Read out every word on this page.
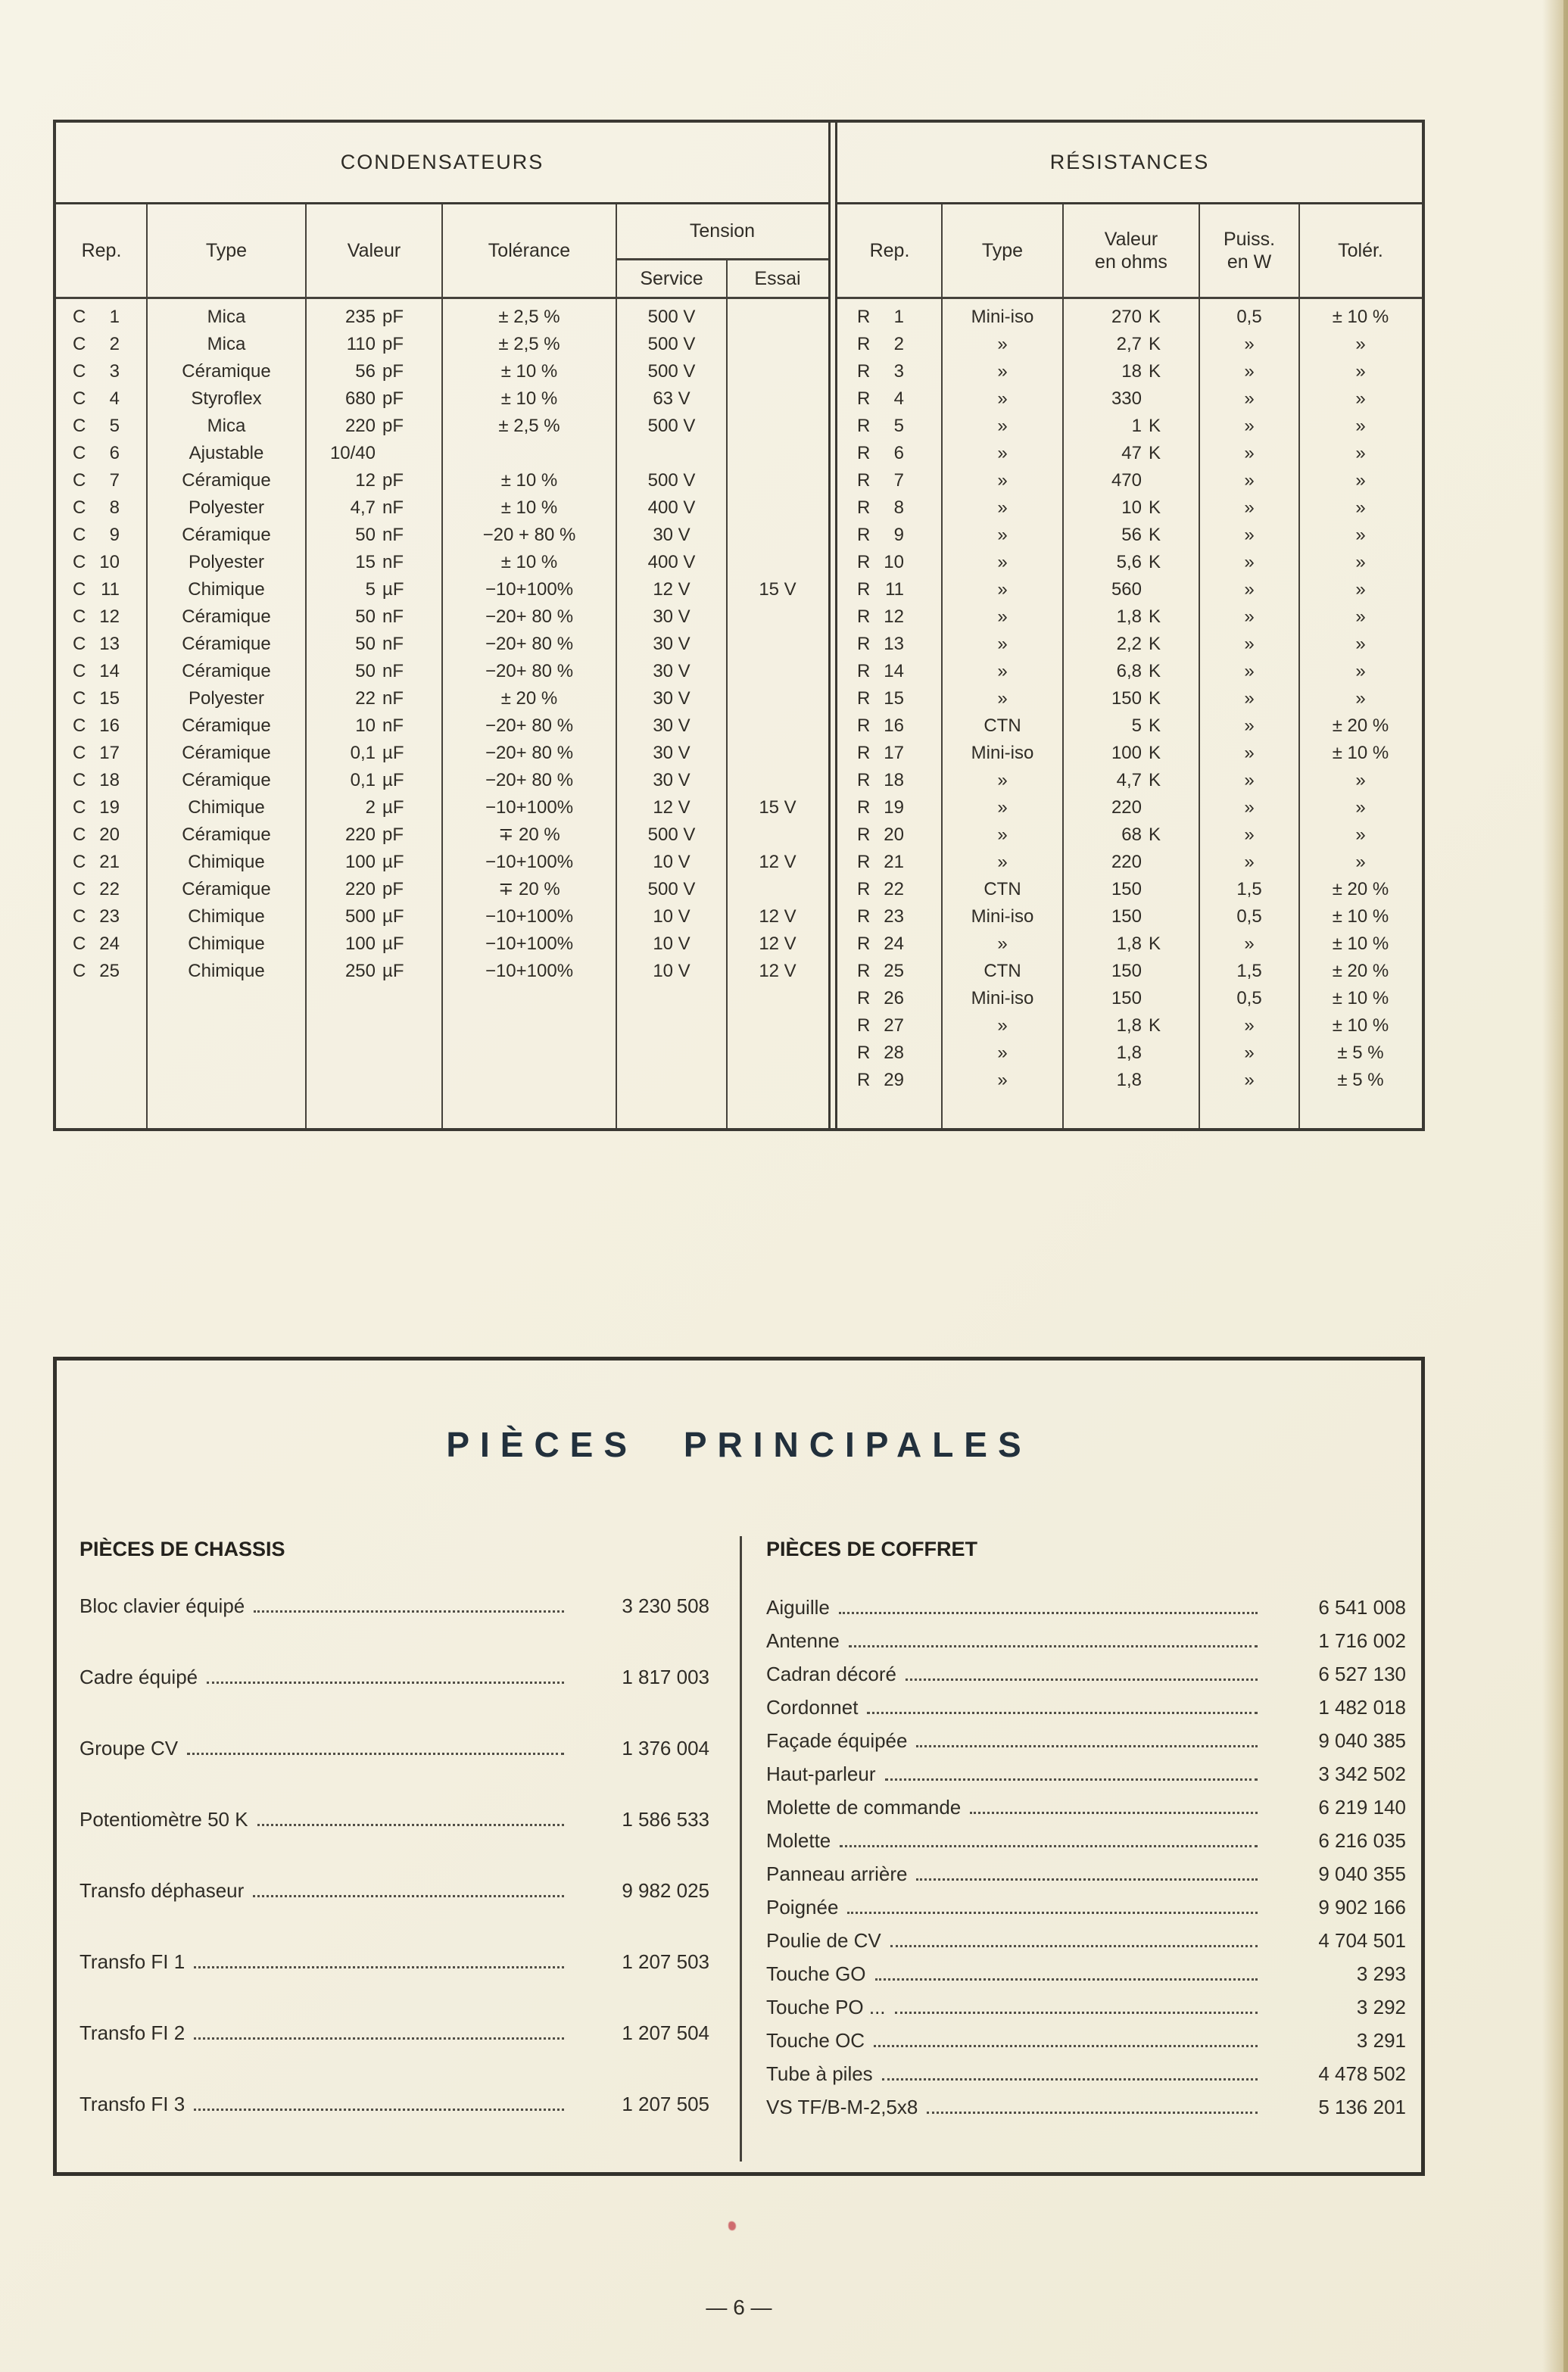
CONDENSATEURS
Rep.	Type	Valeur	Tolérance
Tension
Service	Essai
C	1	Mica	235 pF	± 2,5 %	500 V
C	2	Mica	110 pF	± 2,5 %	500 V
C	3	Céramique	56 pF	± 10 %	500 V
C	4	Styroflex	680 pF	± 10 %	63 V
C	5	Mica	220 pF	± 2,5 %	500 V
C	6	Ajustable	10/40
C	7	Céramique	12 pF	± 10 %	500 V
C	8	Polyester	4,7 nF	± 10 %	400 V
C	9	Céramique	50 nF	−20 + 80 %	30 V
C 10	Polyester	15 nF	± 10 %	400 V
C 11	Chimique	5 µF	−10+100%	12 V	15 V
C 12	Céramique	50 nF	−20+ 80 %	30 V
C 13	Céramique	50 nF	−20+ 80 %	30 V
C 14	Céramique	50 nF	−20+ 80 %	30 V
C 15	Polyester	22 nF	± 20 %	30 V
C 16	Céramique	10 nF	−20+ 80 %	30 V
C 17	Céramique	0,1 µF	−20+ 80 %	30 V
C 18	Céramique	0,1 µF	−20+ 80 %	30 V
C 19	Chimique	2 µF	−10+100%	12 V	15 V
C 20	Céramique	220 pF	∓ 20 %	500 V
C 21	Chimique	100 µF	−10+100%	10 V	12 V
C 22	Céramique	220 pF	∓ 20 %	500 V
C 23	Chimique	500 µF	−10+100%	10 V	12 V
C 24	Chimique	100 µF	−10+100%	10 V	12 V
C 25	Chimique	250 µF	−10+100%	10 V	12 V
RÉSISTANCES
Rep.	Type
Valeur
en ohms
Puiss.
en W
Tolér.
R	1	Mini-iso	270 K	0,5	± 10 %
R	2	»	2,7 K	»	»
R	3	»	18 K	»	»
R	4	»	330	»	»
R	5	»	1 K	»	»
R	6	»	47 K	»	»
R	7	»	470	»	»
R	8	»	10 K	»	»
R	9	»	56 K	»	»
R 10	»	5,6 K	»	»
R 11	»	560	»	»
R 12	»	1,8 K	»	»
R 13	»	2,2 K	»	»
R 14	»	6,8 K	»	»
R 15	»	150 K	»	»
R 16	CTN	5 K	»	± 20 %
R 17	Mini-iso	100 K	»	± 10 %
R 18	»	4,7 K	»	»
R 19	»	220	»	»
R 20	»	68 K	»	»
R 21	»	220	»	»
R 22	CTN	150	1,5	± 20 %
R 23	Mini-iso	150	0,5	± 10 %
R 24	»	1,8 K	»	± 10 %
R 25	CTN	150	1,5	± 20 %
R 26	Mini-iso	150	0,5	± 10 %
R 27	»	1,8 K	»	± 10 %
R 28	»	1,8	»	± 5 %
R 29	»	1,8	»	± 5 %
PIÈCES PRINCIPALES
PIÈCES DE CHASSIS
Bloc clavier équipé	3 230 508
Cadre équipé	1 817 003
Groupe CV	1 376 004
Potentiomètre 50 K	1 586 533
Transfo déphaseur	9 982 025
Transfo FI 1	1 207 503
Transfo FI 2	1 207 504
Transfo FI 3	1 207 505
PIÈCES DE COFFRET
Aiguille	6 541 008
Antenne	1 716 002
Cadran décoré	6 527 130
Cordonnet	1 482 018
Façade équipée	9 040 385
Haut-parleur	3 342 502
Molette de commande	6 219 140
Molette	6 216 035
Panneau arrière	9 040 355
Poignée	9 902 166
Poulie de CV	4 704 501
Touche GO	3 293
Touche PO ...	3 292
Touche OC	3 291
Tube à piles	4 478 502
VS TF/B-M-2,5x8	5 136 201
— 6 —
